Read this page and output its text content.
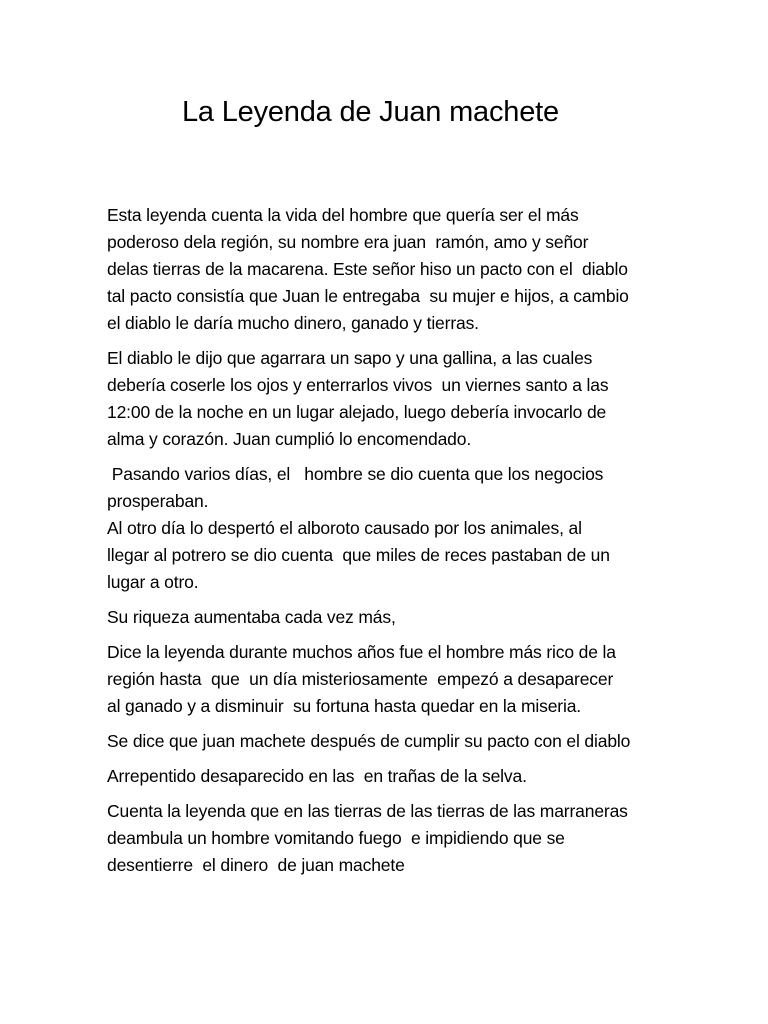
La Leyenda de Juan machete

Esta leyenda cuenta la vida del hombre que quería ser el más
poderoso dela región, su nombre era juan  ramón, amo y señor
delas tierras de la macarena. Este señor hiso un pacto con el  diablo
tal pacto consistía que Juan le entregaba  su mujer e hijos, a cambio
el diablo le daría mucho dinero, ganado y tierras.

El diablo le dijo que agarrara un sapo y una gallina, a las cuales
debería coserle los ojos y enterrarlos vivos  un viernes santo a las
12:00 de la noche en un lugar alejado, luego debería invocarlo de
alma y corazón. Juan cumplió lo encomendado.

Pasando varios días, el   hombre se dio cuenta que los negocios
prosperaban.
Al otro día lo despertó el alboroto causado por los animales, al
llegar al potrero se dio cuenta  que miles de reces pastaban de un
lugar a otro.

Su riqueza aumentaba cada vez más,

Dice la leyenda durante muchos años fue el hombre más rico de la
región hasta  que  un día misteriosamente  empezó a desaparecer
al ganado y a disminuir  su fortuna hasta quedar en la miseria.

Se dice que juan machete después de cumplir su pacto con el diablo

Arrepentido desaparecido en las  en trañas de la selva.

Cuenta la leyenda que en las tierras de las tierras de las marraneras
deambula un hombre vomitando fuego  e impidiendo que se
desentierre  el dinero  de juan machete
